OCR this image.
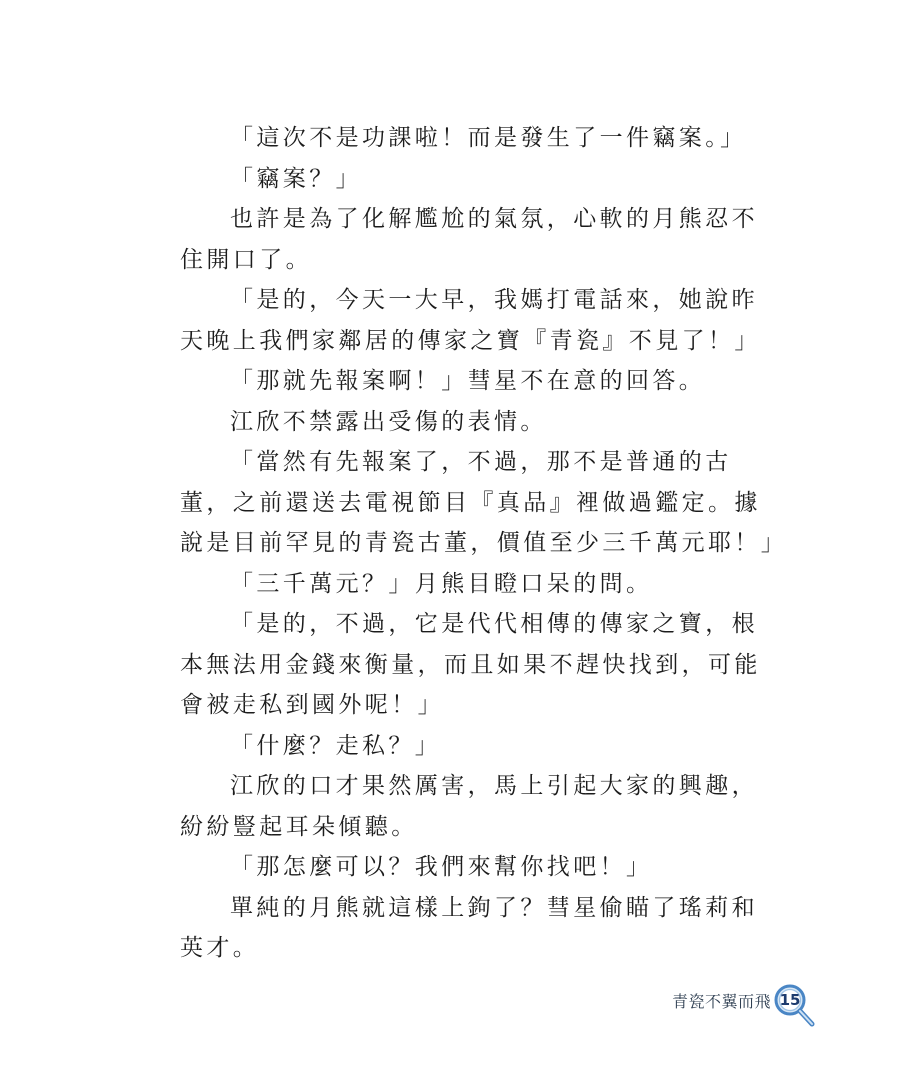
「這次不是功課啦！而是發生了一件竊案。」

「竊案？」

也許是為了化解尷尬的氣氛，心軟的月熊忍不住開口了。

「是的，今天一大早，我媽打電話來，她說昨天晚上我們家鄰居的傳家之寶『青瓷』不見了！」

「那就先報案啊！」彗星不在意的回答。

江欣不禁露出受傷的表情。

「當然有先報案了，不過，那不是普通的古董，之前還送去電視節目『真品』裡做過鑑定。據說是目前罕見的青瓷古董，價值至少三千萬元耶！」

「三千萬元？」月熊目瞪口呆的問。

「是的，不過，它是代代相傳的傳家之寶，根本無法用金錢來衡量，而且如果不趕快找到，可能會被走私到國外呢！」

「什麼？走私？」

江欣的口才果然厲害，馬上引起大家的興趣，紛紛豎起耳朵傾聽。

「那怎麼可以？我們來幫你找吧！」

單純的月熊就這樣上鉤了？彗星偷瞄了瑤莉和英才。

青瓷不翼而飛 15
